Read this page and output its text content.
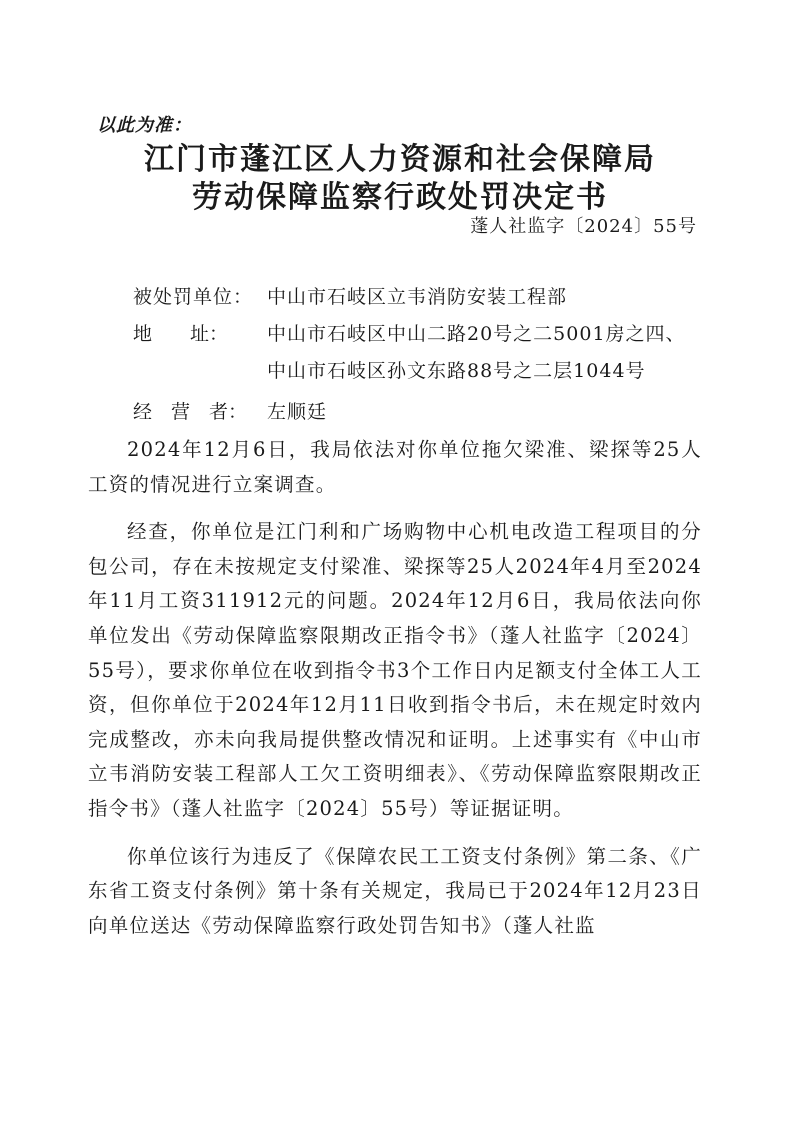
以此为准：
江门市蓬江区人力资源和社会保障局
劳动保障监察行政处罚决定书
蓬人社监字〔2024〕55号
被处罚单位： 中山市石岐区立韦消防安装工程部
地　　址： 中山市石岐区中山二路20号之二5001房之四、
中山市石岐区孙文东路88号之二层1044号
经　营　者： 左顺廷

2024年12月6日，我局依法对你单位拖欠梁准、梁探等25人工资的情况进行立案调查。

经查，你单位是江门利和广场购物中心机电改造工程项目的分包公司，存在未按规定支付梁准、梁探等25人2024年4月至2024年11月工资311912元的问题。2024年12月6日，我局依法向你单位发出《劳动保障监察限期改正指令书》（蓬人社监字〔2024〕55号），要求你单位在收到指令书3个工作日内足额支付全体工人工资，但你单位于2024年12月11日收到指令书后，未在规定时效内完成整改，亦未向我局提供整改情况和证明。上述事实有《中山市立韦消防安装工程部人工欠工资明细表》、《劳动保障监察限期改正指令书》（蓬人社监字〔2024〕55号）等证据证明。

你单位该行为违反了《保障农民工工资支付条例》第二条、《广东省工资支付条例》第十条有关规定，我局已于2024年12月23日向单位送达《劳动保障监察行政处罚告知书》（蓬人社监
